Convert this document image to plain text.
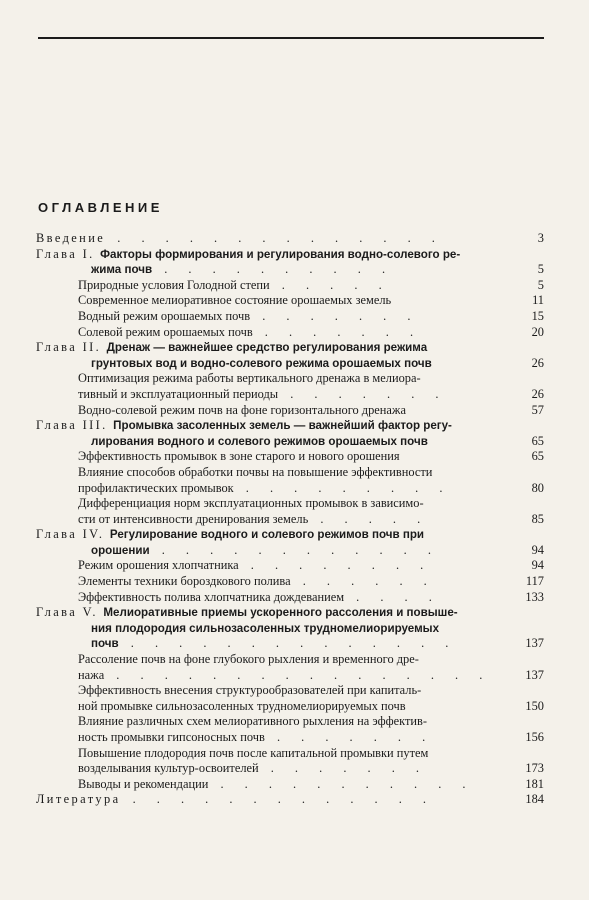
ОГЛАВЛЕНИЕ
Введение . . . . . . . . . . . . . .	3
Глава I. Факторы формирования и регулирования водно-солевого ре-
жима почв . . . . . . . . . .	5
Природные условия Голодной степи . . . . .	5
Современное мелиоративное состояние орошаемых земель	11
Водный режим орошаемых почв . . . . . . .	15
Солевой режим орошаемых почв . . . . . . .	20
Глава II. Дренаж — важнейшее средство регулирования режима
грунтовых вод и водно-солевого режима орошаемых почв	26
Оптимизация режима работы вертикального дренажа в мелиора-
тивный и эксплуатационный периоды . . . . . . .	26
Водно-солевой режим почв на фоне горизонтального дренажа	57
Глава III. Промывка засоленных земель — важнейший фактор регу-
лирования водного и солевого режимов орошаемых почв	65
Эффективность промывок в зоне старого и нового орошения	65
Влияние способов обработки почвы на повышение эффективности
профилактических промывок . . . . . . . . .	80
Дифференциация норм эксплуатационных промывок в зависимо-
сти от интенсивности дренирования земель . . . . .	85
Глава IV. Регулирование водного и солевого режимов почв при
орошении . . . . . . . . . . . .	94
Режим орошения хлопчатника . . . . . . . .	94
Элементы техники бороздкового полива . . . . . .	117
Эффективность полива хлопчатника дождеванием . . . .	133
Глава V. Мелиоративные приемы ускоренного рассоления и повыше-
ния плодородия сильнозасоленных трудномелиорируемых
почв . . . . . . . . . . . . . .	137
Рассоление почв на фоне глубокого рыхления и временного дре-
нажа . . . . . . . . . . . . . . . .	137
Эффективность внесения структурообразователей при капиталь-
ной промывке сильнозасоленных трудномелиорируемых почв	150
Влияние различных схем мелиоративного рыхления на эффектив-
ность промывки гипсоносных почв . . . . . . .	156
Повышение плодородия почв после капитальной промывки путем
возделывания культур-освоителей . . . . . . .	173
Выводы и рекомендации . . . . . . . . . . .	181
Литература . . . . . . . . . . . . .	184
